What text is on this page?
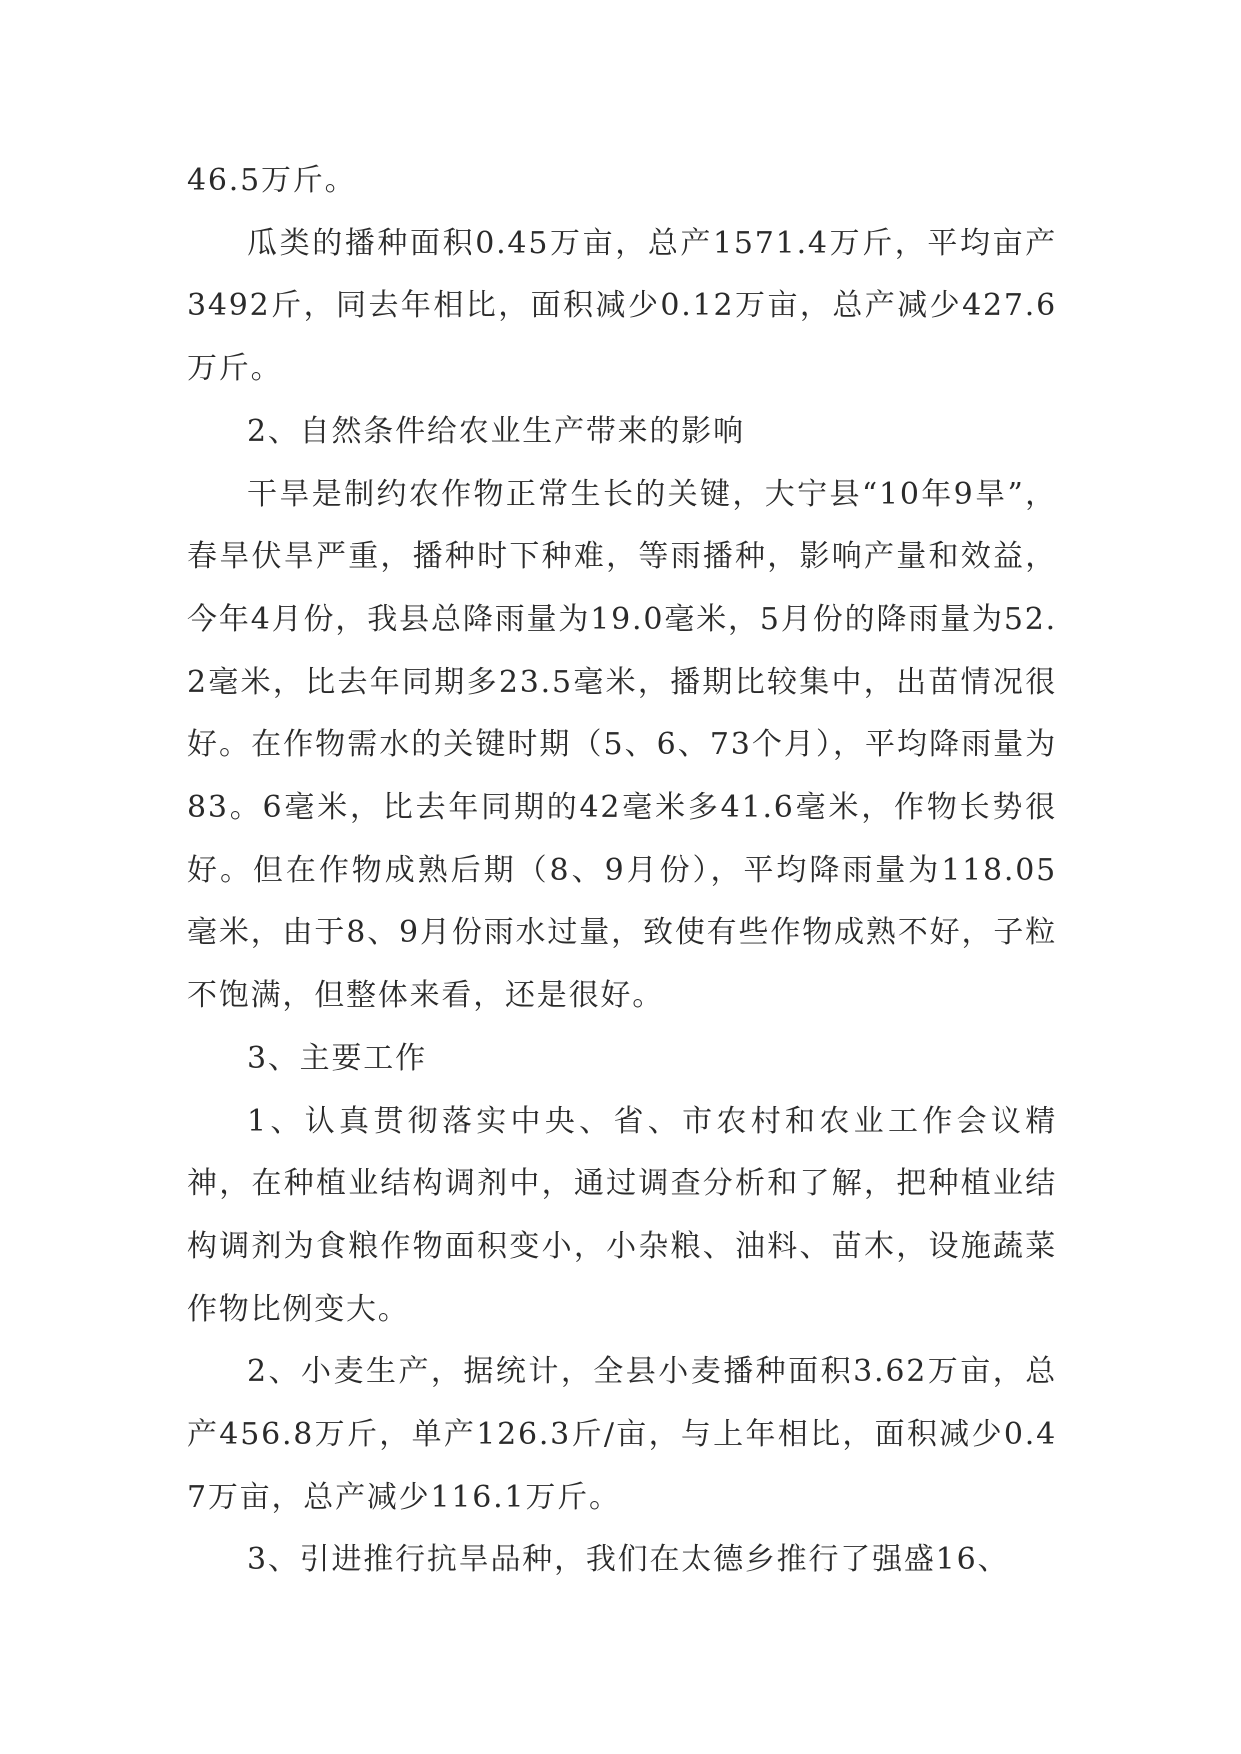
46.5万斤。

瓜类的播种面积0.45万亩，总产1571.4万斤，平均亩产3492斤，同去年相比，面积减少0.12万亩，总产减少427.6万斤。

2、自然条件给农业生产带来的影响

干旱是制约农作物正常生长的关键，大宁县“10年9旱”，春旱伏旱严重，播种时下种难，等雨播种，影响产量和效益，今年4月份，我县总降雨量为19.0毫米，5月份的降雨量为52.2毫米，比去年同期多23.5毫米，播期比较集中，出苗情况很好。在作物需水的关键时期（5、6、73个月），平均降雨量为83。6毫米，比去年同期的42毫米多41.6毫米，作物长势很好。但在作物成熟后期（8、9月份），平均降雨量为118.05毫米，由于8、9月份雨水过量，致使有些作物成熟不好，子粒不饱满，但整体来看，还是很好。

3、主要工作

1、认真贯彻落实中央、省、市农村和农业工作会议精神，在种植业结构调剂中，通过调查分析和了解，把种植业结构调剂为食粮作物面积变小，小杂粮、油料、苗木，设施蔬菜作物比例变大。

2、小麦生产，据统计，全县小麦播种面积3.62万亩，总产456.8万斤，单产126.3斤/亩，与上年相比，面积减少0.47万亩，总产减少116.1万斤。

3、引进推行抗旱品种，我们在太德乡推行了强盛16、
